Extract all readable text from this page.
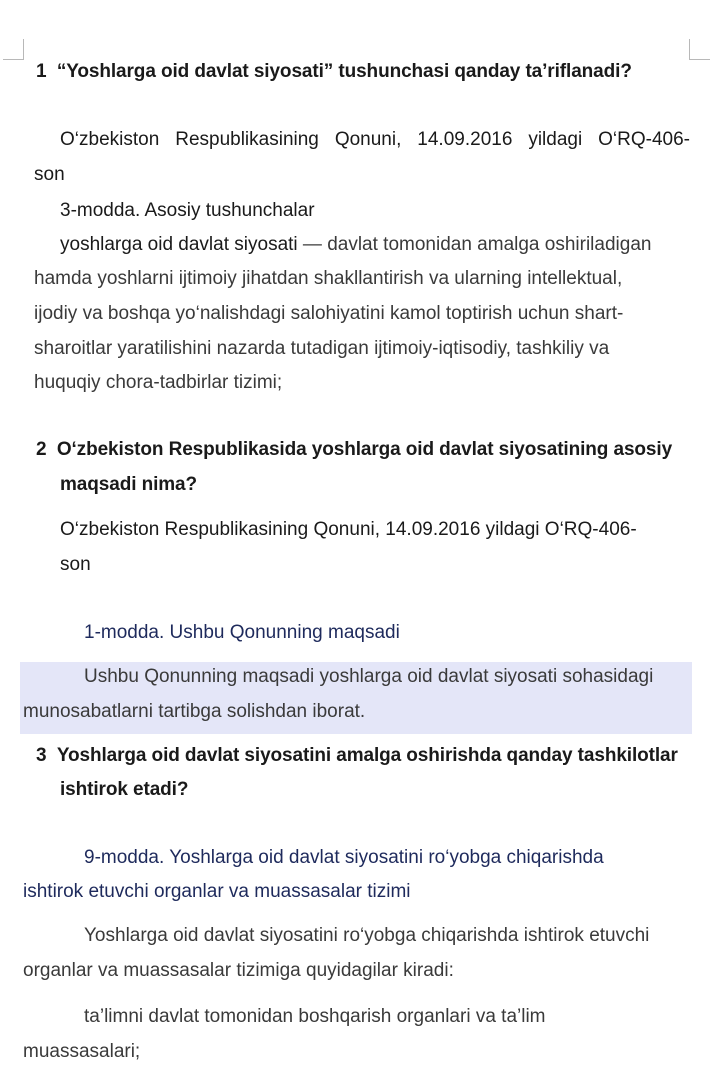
1 “Yoshlarga oid davlat siyosati” tushunchasi qanday ta’riflanadi?

O‘zbekiston Respublikasining Qonuni, 14.09.2016 yildagi O‘RQ-406-

son

3-modda. Asosiy tushunchalar

yoshlarga oid davlat siyosati — davlat tomonidan amalga oshiriladigan

hamda yoshlarni ijtimoiy jihatdan shakllantirish va ularning intellektual,

ijodiy va boshqa yo‘nalishdagi salohiyatini kamol toptirish uchun shart-

sharoitlar yaratilishini nazarda tutadigan ijtimoiy-iqtisodiy, tashkiliy va

huquqiy chora-tadbirlar tizimi;

2 O‘zbekiston Respublikasida yoshlarga oid davlat siyosatining asosiy

maqsadi nima?

O‘zbekiston Respublikasining Qonuni, 14.09.2016 yildagi O‘RQ-406-

son

1-modda. Ushbu Qonunning maqsadi

Ushbu Qonunning maqsadi yoshlarga oid davlat siyosati sohasidagi

munosabatlarni tartibga solishdan iborat.

3 Yoshlarga oid davlat siyosatini amalga oshirishda qanday tashkilotlar

ishtirok etadi?

9-modda. Yoshlarga oid davlat siyosatini ro‘yobga chiqarishda

ishtirok etuvchi organlar va muassasalar tizimi

Yoshlarga oid davlat siyosatini ro‘yobga chiqarishda ishtirok etuvchi

organlar va muassasalar tizimiga quyidagilar kiradi:

ta’limni davlat tomonidan boshqarish organlari va ta’lim

muassasalari;
